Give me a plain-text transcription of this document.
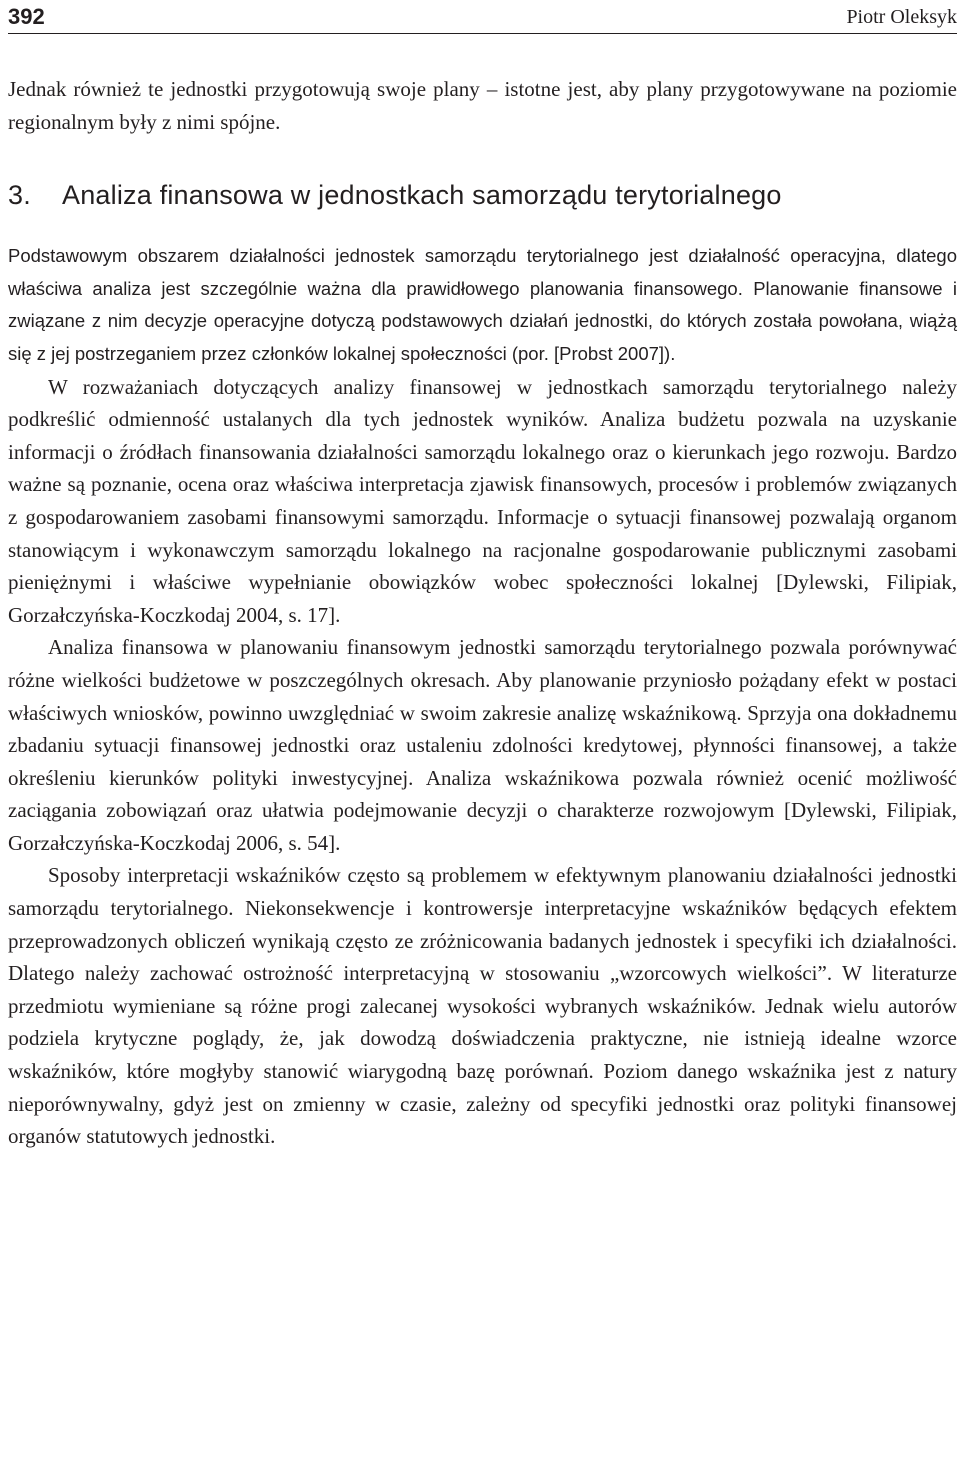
392	Piotr Oleksyk

Jednak również te jednostki przygotowują swoje plany – istotne jest, aby plany przygotowywane na poziomie regionalnym były z nimi spójne.

3. Analiza finansowa w jednostkach samorządu terytorialnego

Podstawowym obszarem działalności jednostek samorządu terytorialnego jest działalność operacyjna, dlatego właściwa analiza jest szczególnie ważna dla prawidłowego planowania finansowego. Planowanie finansowe i związane z nim decyzje operacyjne dotyczą podstawowych działań jednostki, do których została powołana, wiążą się z jej postrzeganiem przez członków lokalnej społeczności (por. [Probst 2007]).

W rozważaniach dotyczących analizy finansowej w jednostkach samorządu terytorialnego należy podkreślić odmienność ustalanych dla tych jednostek wyników. Analiza budżetu pozwala na uzyskanie informacji o źródłach finansowania działalności samorządu lokalnego oraz o kierunkach jego rozwoju. Bardzo ważne są poznanie, ocena oraz właściwa interpretacja zjawisk finansowych, procesów i problemów związanych z gospodarowaniem zasobami finansowymi samorządu. Informacje o sytuacji finansowej pozwalają organom stanowiącym i wykonawczym samorządu lokalnego na racjonalne gospodarowanie publicznymi zasobami pieniężnymi i właściwe wypełnianie obowiązków wobec społeczności lokalnej [Dylewski, Filipiak, Gorzałczyńska-Koczkodaj 2004, s. 17].

Analiza finansowa w planowaniu finansowym jednostki samorządu terytorialnego pozwala porównywać różne wielkości budżetowe w poszczególnych okresach. Aby planowanie przyniosło pożądany efekt w postaci właściwych wniosków, powinno uwzględniać w swoim zakresie analizę wskaźnikową. Sprzyja ona dokładnemu zbadaniu sytuacji finansowej jednostki oraz ustaleniu zdolności kredytowej, płynności finansowej, a także określeniu kierunków polityki inwestycyjnej. Analiza wskaźnikowa pozwala również ocenić możliwość zaciągania zobowiązań oraz ułatwia podejmowanie decyzji o charakterze rozwojowym [Dylewski, Filipiak, Gorzałczyńska-Koczkodaj 2006, s. 54].

Sposoby interpretacji wskaźników często są problemem w efektywnym planowaniu działalności jednostki samorządu terytorialnego. Niekonsekwencje i kontrowersje interpretacyjne wskaźników będących efektem przeprowadzonych obliczeń wynikają często ze zróżnicowania badanych jednostek i specyfiki ich działalności. Dlatego należy zachować ostrożność interpretacyjną w stosowaniu „wzorcowych wielkości”. W literaturze przedmiotu wymieniane są różne progi zalecanej wysokości wybranych wskaźników. Jednak wielu autorów podziela krytyczne poglądy, że, jak dowodzą doświadczenia praktyczne, nie istnieją idealne wzorce wskaźników, które mogłyby stanowić wiarygodną bazę porównań. Poziom danego wskaźnika jest z natury nieporównywalny, gdyż jest on zmienny w czasie, zależny od specyfiki jednostki oraz polityki finansowej organów statutowych jednostki.
